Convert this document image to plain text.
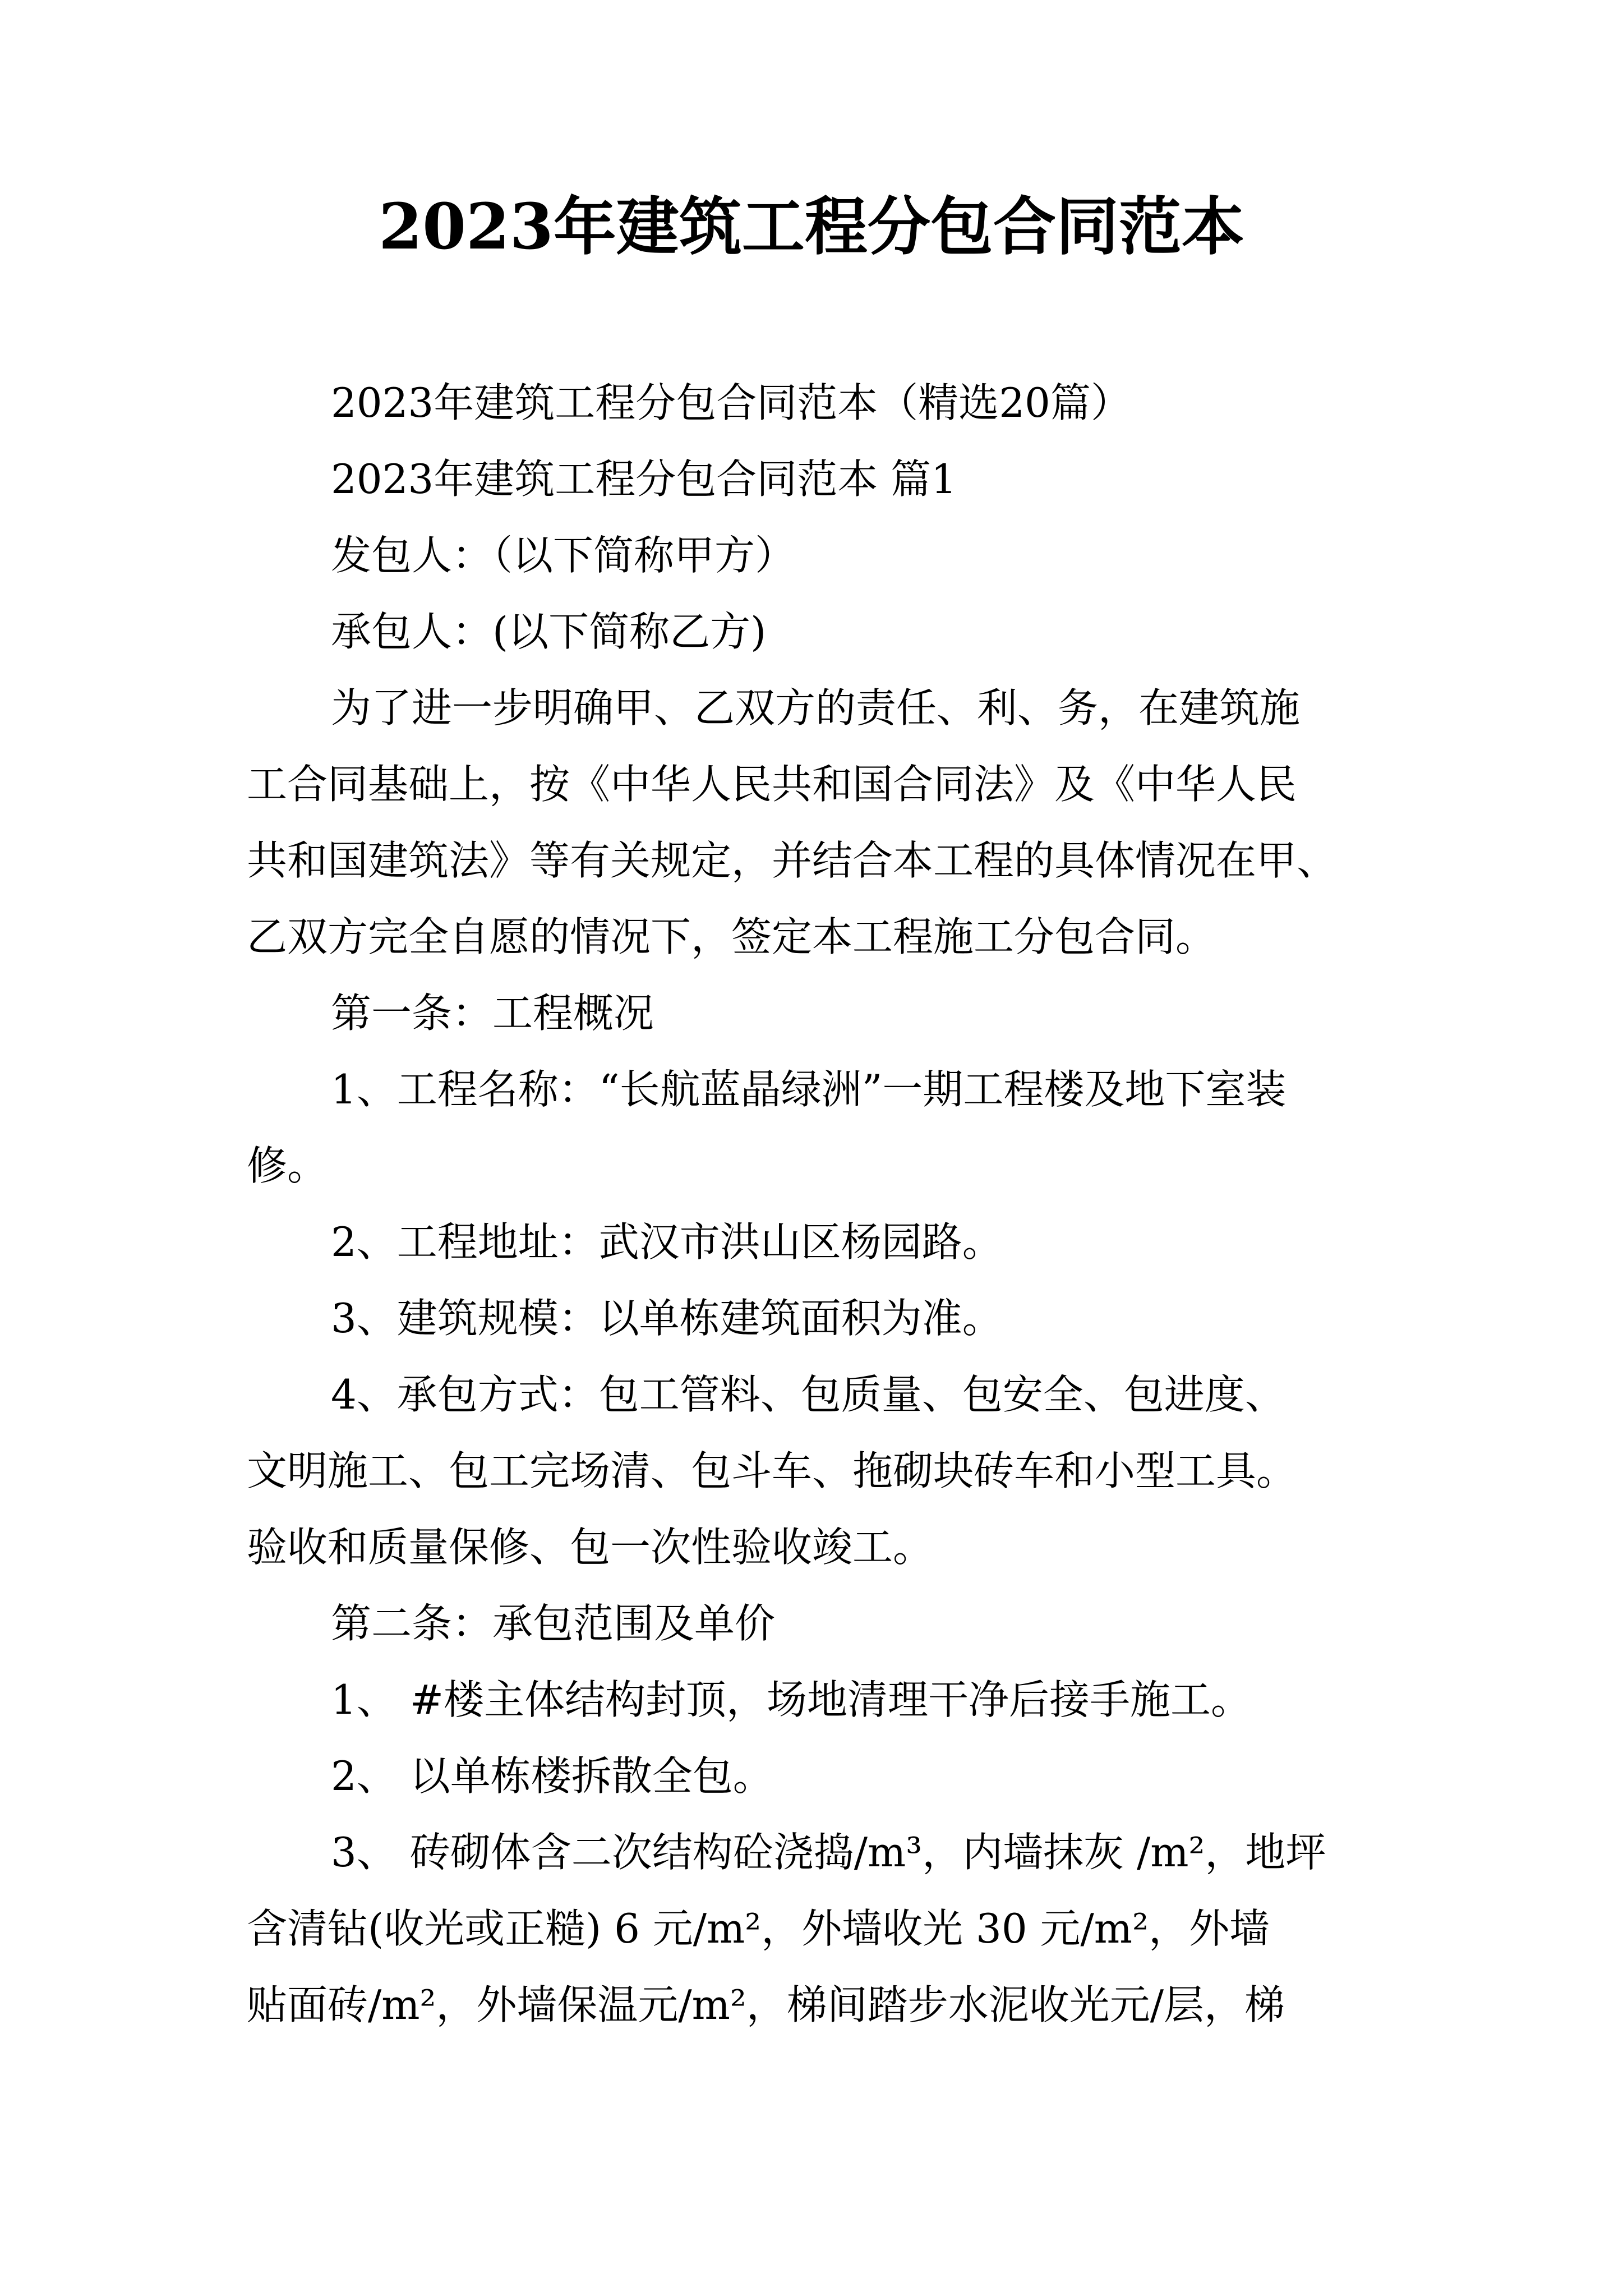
2023年建筑工程分包合同范本

2023年建筑工程分包合同范本（精选20篇）

2023年建筑工程分包合同范本 篇1

发包人：（以下简称甲方）

承包人：(以下简称乙方)

为了进一步明确甲、乙双方的责任、利、务，在建筑施

工合同基础上，按《中华人民共和国合同法》及《中华人民

共和国建筑法》等有关规定，并结合本工程的具体情况在甲、

乙双方完全自愿的情况下，签定本工程施工分包合同。

第一条：工程概况

1、工程名称：“长航蓝晶绿洲”一期工程楼及地下室装

修。

2、工程地址：武汉市洪山区杨园路。

3、建筑规模：以单栋建筑面积为准。

4、承包方式：包工管料、包质量、包安全、包进度、

文明施工、包工完场清、包斗车、拖砌块砖车和小型工具。

验收和质量保修、包一次性验收竣工。

第二条：承包范围及单价

1、 #楼主体结构封顶，场地清理干净后接手施工。

2、 以单栋楼拆散全包。

3、 砖砌体含二次结构砼浇捣/m³，内墙抹灰 /m²，地坪

含清钻(收光或正糙) 6 元/m²，外墙收光 30 元/m²，外墙

贴面砖/m²，外墙保温元/m²，梯间踏步水泥收光元/层，梯
